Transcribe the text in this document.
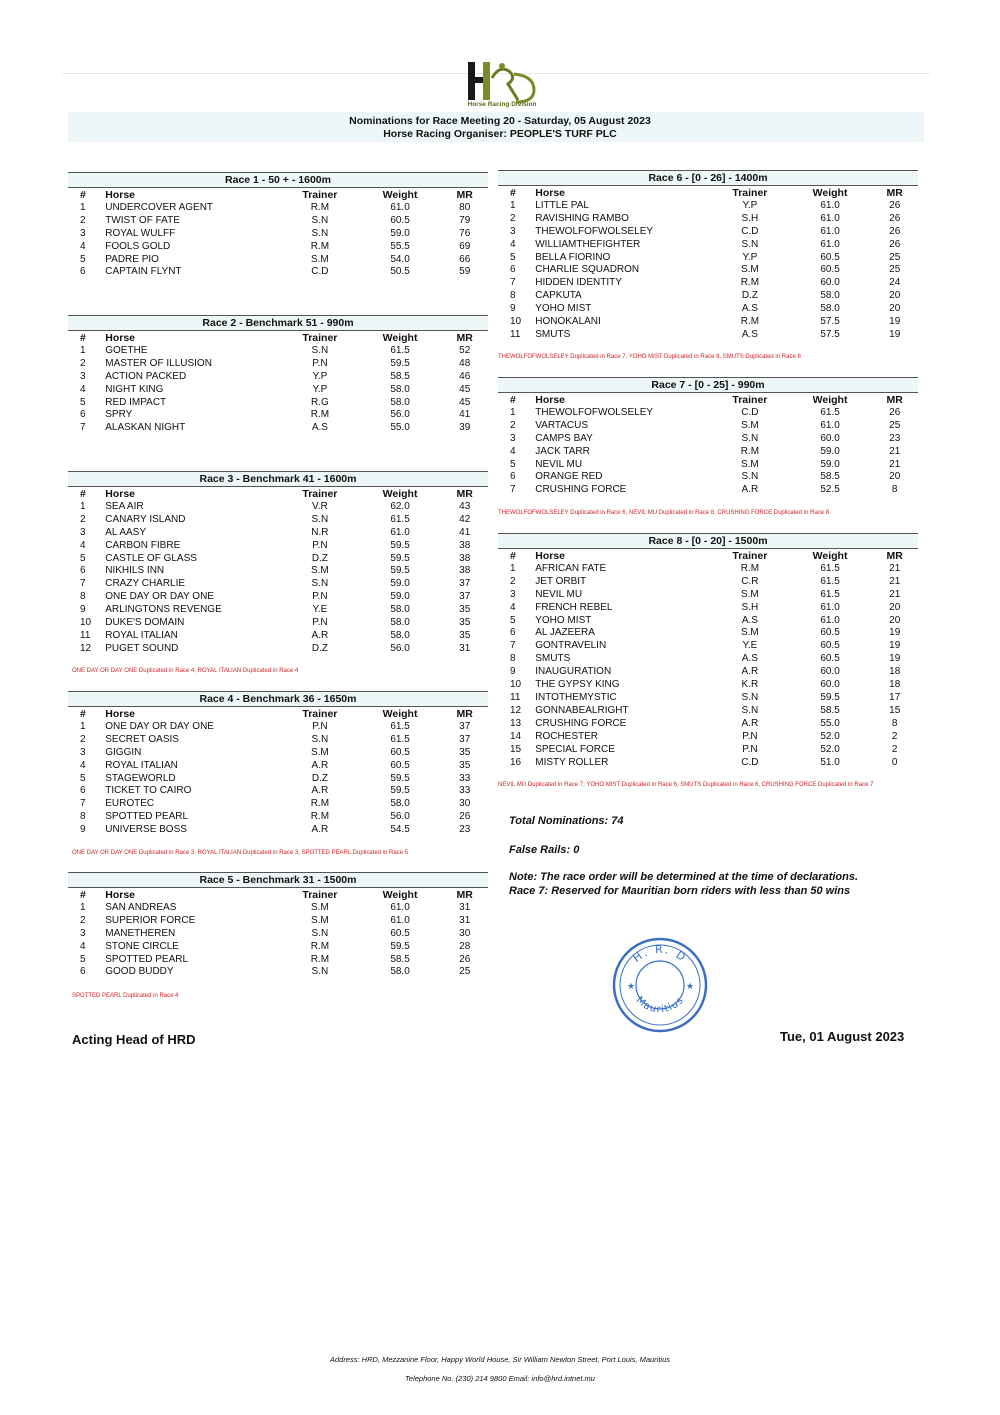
Horse Racing Division
Nominations for Race Meeting 20 - Saturday, 05 August 2023
Horse Racing Organiser: PEOPLE'S TURF PLC
Race 1 - 50 + - 1600m
#	Horse	Trainer	Weight	MR
1	UNDERCOVER AGENT	R.M	61.0	80
2	TWIST OF FATE	S.N	60.5	79
3	ROYAL WULFF	S.N	59.0	76
4	FOOLS GOLD	R.M	55.5	69
5	PADRE PIO	S.M	54.0	66
6	CAPTAIN FLYNT	C.D	50.5	59
Race 2 - Benchmark 51 - 990m
#	Horse	Trainer	Weight	MR
1	GOETHE	S.N	61.5	52
2	MASTER OF ILLUSION	P.N	59.5	48
3	ACTION PACKED	Y.P	58.5	46
4	NIGHT KING	Y.P	58.0	45
5	RED IMPACT	R.G	58.0	45
6	SPRY	R.M	56.0	41
7	ALASKAN NIGHT	A.S	55.0	39
Race 3 - Benchmark 41 - 1600m
#	Horse	Trainer	Weight	MR
1	SEA AIR	V.R	62.0	43
2	CANARY ISLAND	S.N	61.5	42
3	AL AASY	N.R	61.0	41
4	CARBON FIBRE	P.N	59.5	38
5	CASTLE OF GLASS	D.Z	59.5	38
6	NIKHILS INN	S.M	59.5	38
7	CRAZY CHARLIE	S.N	59.0	37
8	ONE DAY OR DAY ONE	P.N	59.0	37
9	ARLINGTONS REVENGE	Y.E	58.0	35
10	DUKE'S DOMAIN	P.N	58.0	35
11	ROYAL ITALIAN	A.R	58.0	35
12	PUGET SOUND	D.Z	56.0	31
Race 4 - Benchmark 36 - 1650m
#	Horse	Trainer	Weight	MR
1	ONE DAY OR DAY ONE	P.N	61.5	37
2	SECRET OASIS	S.N	61.5	37
3	GIGGIN	S.M	60.5	35
4	ROYAL ITALIAN	A.R	60.5	35
5	STAGEWORLD	D.Z	59.5	33
6	TICKET TO CAIRO	A.R	59.5	33
7	EUROTEC	R.M	58.0	30
8	SPOTTED PEARL	R.M	56.0	26
9	UNIVERSE BOSS	A.R	54.5	23
Race 5 - Benchmark 31 - 1500m
#	Horse	Trainer	Weight	MR
1	SAN ANDREAS	S.M	61.0	31
2	SUPERIOR FORCE	S.M	61.0	31
3	MANETHEREN	S.N	60.5	30
4	STONE CIRCLE	R.M	59.5	28
5	SPOTTED PEARL	R.M	58.5	26
6	GOOD BUDDY	S.N	58.0	25
Race 6 - [0 - 26] - 1400m
#	Horse	Trainer	Weight	MR
1	LITTLE PAL	Y.P	61.0	26
2	RAVISHING RAMBO	S.H	61.0	26
3	THEWOLFOFWOLSELEY	C.D	61.0	26
4	WILLIAMTHEFIGHTER	S.N	61.0	26
5	BELLA FIORINO	Y.P	60.5	25
6	CHARLIE SQUADRON	S.M	60.5	25
7	HIDDEN IDENTITY	R.M	60.0	24
8	CAPKUTA	D.Z	58.0	20
9	YOHO MIST	A.S	58.0	20
10	HONOKALANI	R.M	57.5	19
11	SMUTS	A.S	57.5	19
Race 7 - [0 - 25] - 990m
#	Horse	Trainer	Weight	MR
1	THEWOLFOFWOLSELEY	C.D	61.5	26
2	VARTACUS	S.M	61.0	25
3	CAMPS BAY	S.N	60.0	23
4	JACK TARR	R.M	59.0	21
5	NEVIL MU	S.M	59.0	21
6	ORANGE RED	S.N	58.5	20
7	CRUSHING FORCE	A.R	52.5	8
Race 8 - [0 - 20] - 1500m
#	Horse	Trainer	Weight	MR
1	AFRICAN FATE	R.M	61.5	21
2	JET ORBIT	C.R	61.5	21
3	NEVIL MU	S.M	61.5	21
4	FRENCH REBEL	S.H	61.0	20
5	YOHO MIST	A.S	61.0	20
6	AL JAZEERA	S.M	60.5	19
7	GONTRAVELIN	Y.E	60.5	19
8	SMUTS	A.S	60.5	19
9	INAUGURATION	A.R	60.0	18
10	THE GYPSY KING	K.R	60.0	18
11	INTOTHEMYSTIC	S.N	59.5	17
12	GONNABEALRIGHT	S.N	58.5	15
13	CRUSHING FORCE	A.R	55.0	8
14	ROCHESTER	P.N	52.0	2
15	SPECIAL FORCE	P.N	52.0	2
16	MISTY ROLLER	C.D	51.0	0
ONE DAY OR DAY ONE Duplicated in Race 4, ROYAL ITALIAN Duplicated in Race 4
ONE DAY OR DAY ONE Duplicated in Race 3, ROYAL ITALIAN Duplicated in Race 3, SPOTTED PEARL Duplicated in Race 5
SPOTTED PEARL Duplicated in Race 4
THEWOLFOFWOLSELEY Duplicated in Race 7, YOHO MIST Duplicated in Race 8, SMUTS Duplicated in Race 8
THEWOLFOFWOLSELEY Duplicated in Race 6, NEVIL MU Duplicated in Race 8, CRUSHING FORCE Duplicated in Race 8
NEVIL MU Duplicated in Race 7, YOHO MIST Duplicated in Race 6, SMUTS Duplicated in Race 6, CRUSHING FORCE Duplicated in Race 7
Total Nominations: 74
False Rails: 0
Note: The race order will be determined at the time of declarations.
Race 7: Reserved for Mauritian born riders with less than 50 wins
H. R. D
Mauritius
★	★
Acting Head of HRD	Tue, 01 August 2023
Address: HRD, Mezzanine Floor, Happy World House, Sir William Newton Street, Port Louis, Mauritius
Telephone No. (230) 214 9800 Email: info@hrd.intnet.mu
